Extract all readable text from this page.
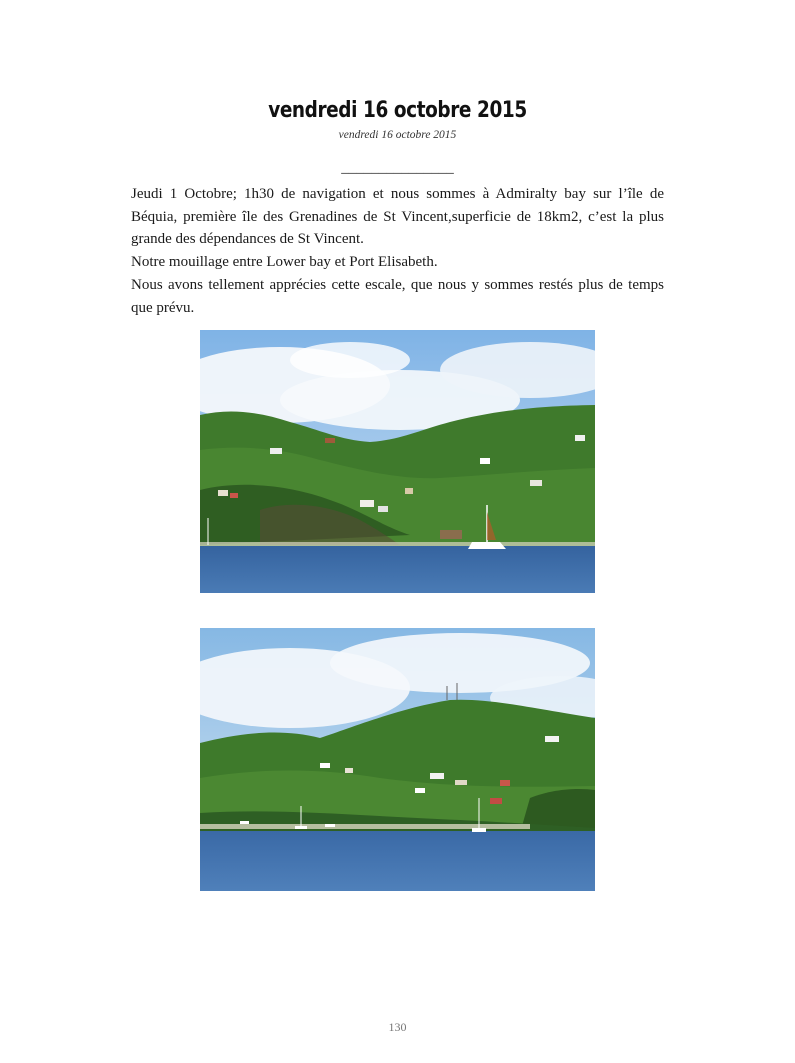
vendredi 16 octobre 2015
vendredi 16 octobre 2015
_______________

Jeudi 1 Octobre; 1h30 de navigation et nous sommes à Admiralty bay sur l’île de Béquia, première île des Grenadines de St Vincent,superficie de 18km2, c’est la plus grande des dépendances de St Vincent.

Notre mouillage entre Lower bay et Port Elisabeth.

Nous avons tellement apprécies cette escale, que nous y sommes restés plus de temps que prévu.

130
